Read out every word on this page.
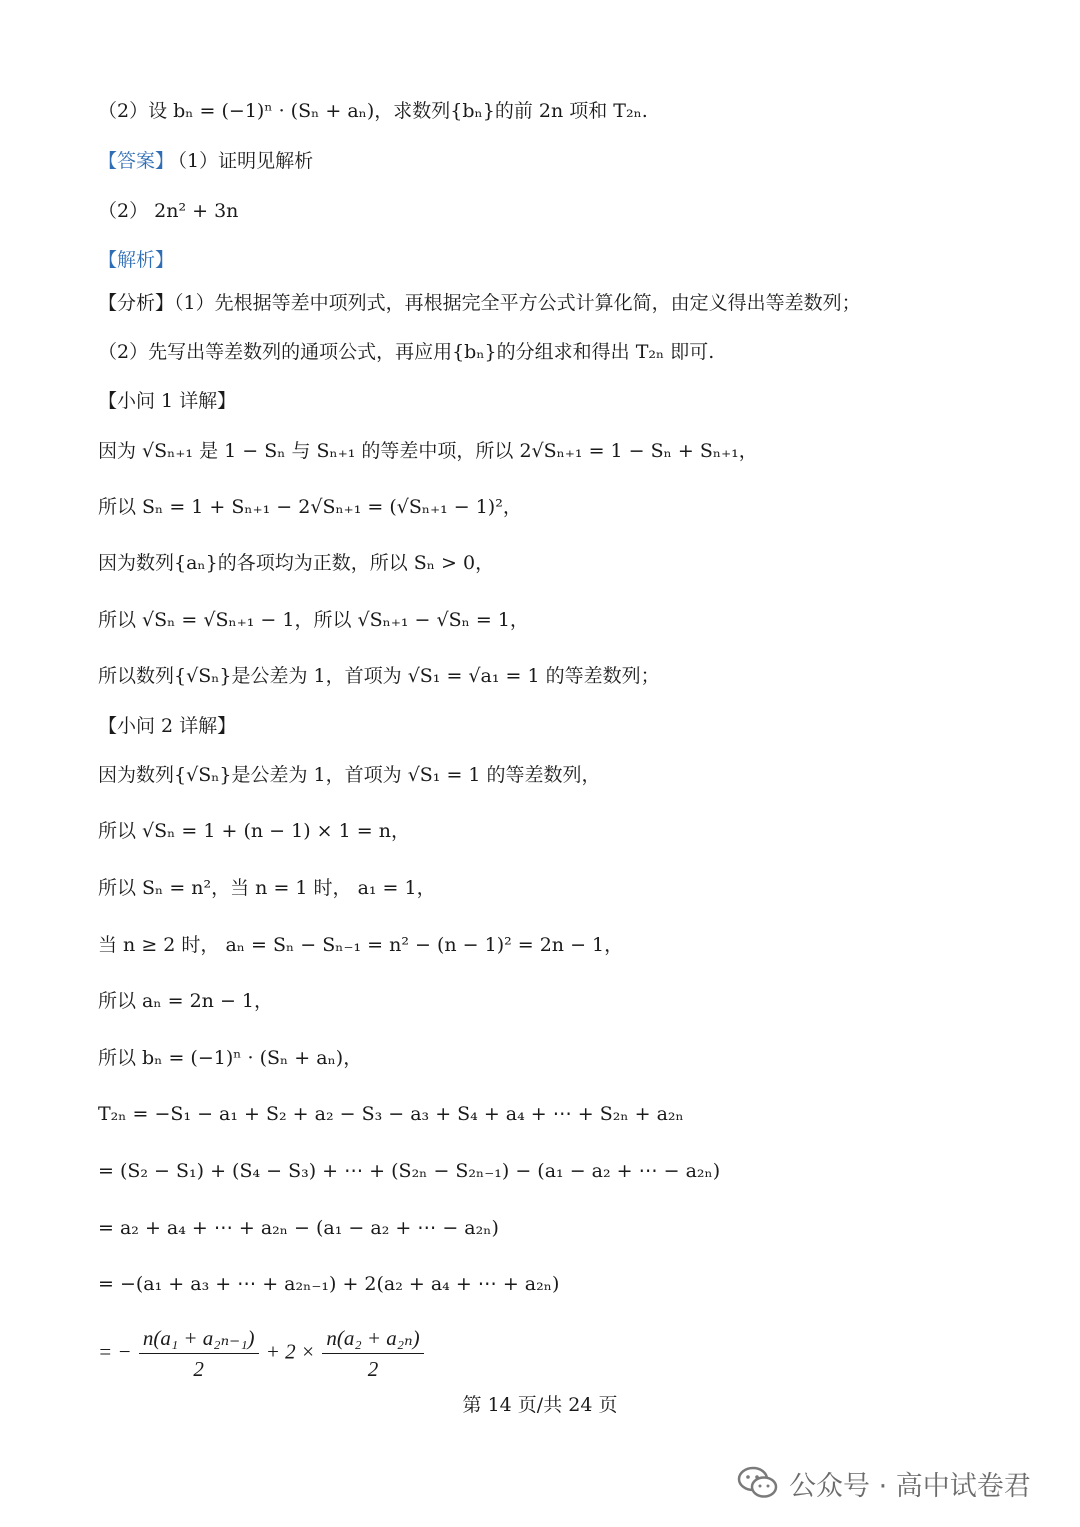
（2）设 bₙ = (−1)ⁿ · (Sₙ + aₙ)，求数列{bₙ}的前 2n 项和 T₂ₙ.
【答案】
（1）证明见解析
（2） 2n² + 3n
【解析】
【分析】（1）先根据等差中项列式，再根据完全平方公式计算化简，由定义得出等差数列；
（2）先写出等差数列的通项公式，再应用{bₙ}的分组求和得出 T₂ₙ 即可.
【小问 1 详解】
因为 √Sₙ₊₁ 是 1 − Sₙ 与 Sₙ₊₁ 的等差中项，所以 2√Sₙ₊₁ = 1 − Sₙ + Sₙ₊₁，
所以 Sₙ = 1 + Sₙ₊₁ − 2√Sₙ₊₁ = (√Sₙ₊₁ − 1)²，
因为数列{aₙ}的各项均为正数，所以 Sₙ > 0，
所以 √Sₙ = √Sₙ₊₁ − 1，所以 √Sₙ₊₁ − √Sₙ = 1，
所以数列{√Sₙ}是公差为 1，首项为 √S₁ = √a₁ = 1 的等差数列；
【小问 2 详解】
因为数列{√Sₙ}是公差为 1，首项为 √S₁ = 1 的等差数列，
所以 √Sₙ = 1 + (n − 1) × 1 = n，
所以 Sₙ = n²，当 n = 1 时， a₁ = 1，
当 n ≥ 2 时， aₙ = Sₙ − Sₙ₋₁ = n² − (n − 1)² = 2n − 1，
所以 aₙ = 2n − 1，
所以 bₙ = (−1)ⁿ · (Sₙ + aₙ)，
T₂ₙ = −S₁ − a₁ + S₂ + a₂ − S₃ − a₃ + S₄ + a₄ + ⋯ + S₂ₙ + a₂ₙ
= (S₂ − S₁) + (S₄ − S₃) + ⋯ + (S₂ₙ − S₂ₙ₋₁) − (a₁ − a₂ + ⋯ − a₂ₙ)
= a₂ + a₄ + ⋯ + a₂ₙ − (a₁ − a₂ + ⋯ − a₂ₙ)
= −(a₁ + a₃ + ⋯ + a₂ₙ₋₁) + 2(a₂ + a₄ + ⋯ + a₂ₙ)
= − $\frac{\text{n(a₁ + a₂ₙ₋₁)}}{2} + 2 \times \frac{\text{n(a₂ + a₂ₙ)}}{2}$
第 14 页/共 24 页
公众号 · 高中试卷君
